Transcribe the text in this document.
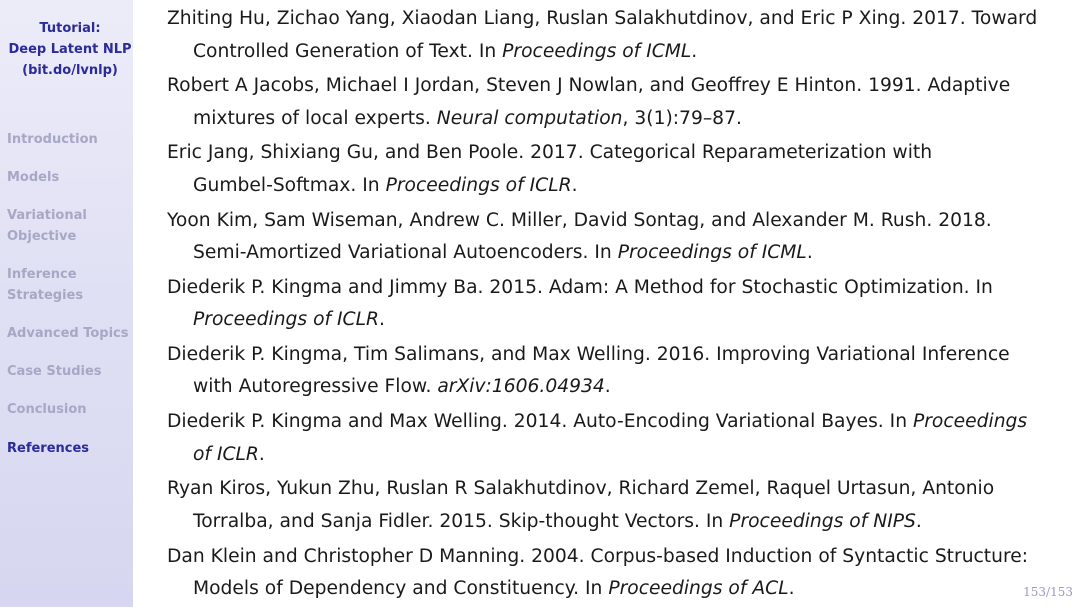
Tutorial:
Deep Latent NLP
(bit.do/lvnlp)
Introduction
Models
Variational
Objective
Inference
Strategies
Advanced Topics
Case Studies
Conclusion
References
Zhiting Hu, Zichao Yang, Xiaodan Liang, Ruslan Salakhutdinov, and Eric P Xing. 2017. Toward
Controlled Generation of Text. In Proceedings of ICML.
Robert A Jacobs, Michael I Jordan, Steven J Nowlan, and Geoffrey E Hinton. 1991. Adaptive
mixtures of local experts. Neural computation, 3(1):79–87.
Eric Jang, Shixiang Gu, and Ben Poole. 2017. Categorical Reparameterization with
Gumbel-Softmax. In Proceedings of ICLR.
Yoon Kim, Sam Wiseman, Andrew C. Miller, David Sontag, and Alexander M. Rush. 2018.
Semi-Amortized Variational Autoencoders. In Proceedings of ICML.
Diederik P. Kingma and Jimmy Ba. 2015. Adam: A Method for Stochastic Optimization. In
Proceedings of ICLR.
Diederik P. Kingma, Tim Salimans, and Max Welling. 2016. Improving Variational Inference
with Autoregressive Flow. arXiv:1606.04934.
Diederik P. Kingma and Max Welling. 2014. Auto-Encoding Variational Bayes. In Proceedings
of ICLR.
Ryan Kiros, Yukun Zhu, Ruslan R Salakhutdinov, Richard Zemel, Raquel Urtasun, Antonio
Torralba, and Sanja Fidler. 2015. Skip-thought Vectors. In Proceedings of NIPS.
Dan Klein and Christopher D Manning. 2004. Corpus-based Induction of Syntactic Structure:
Models of Dependency and Constituency. In Proceedings of ACL.	153/153
